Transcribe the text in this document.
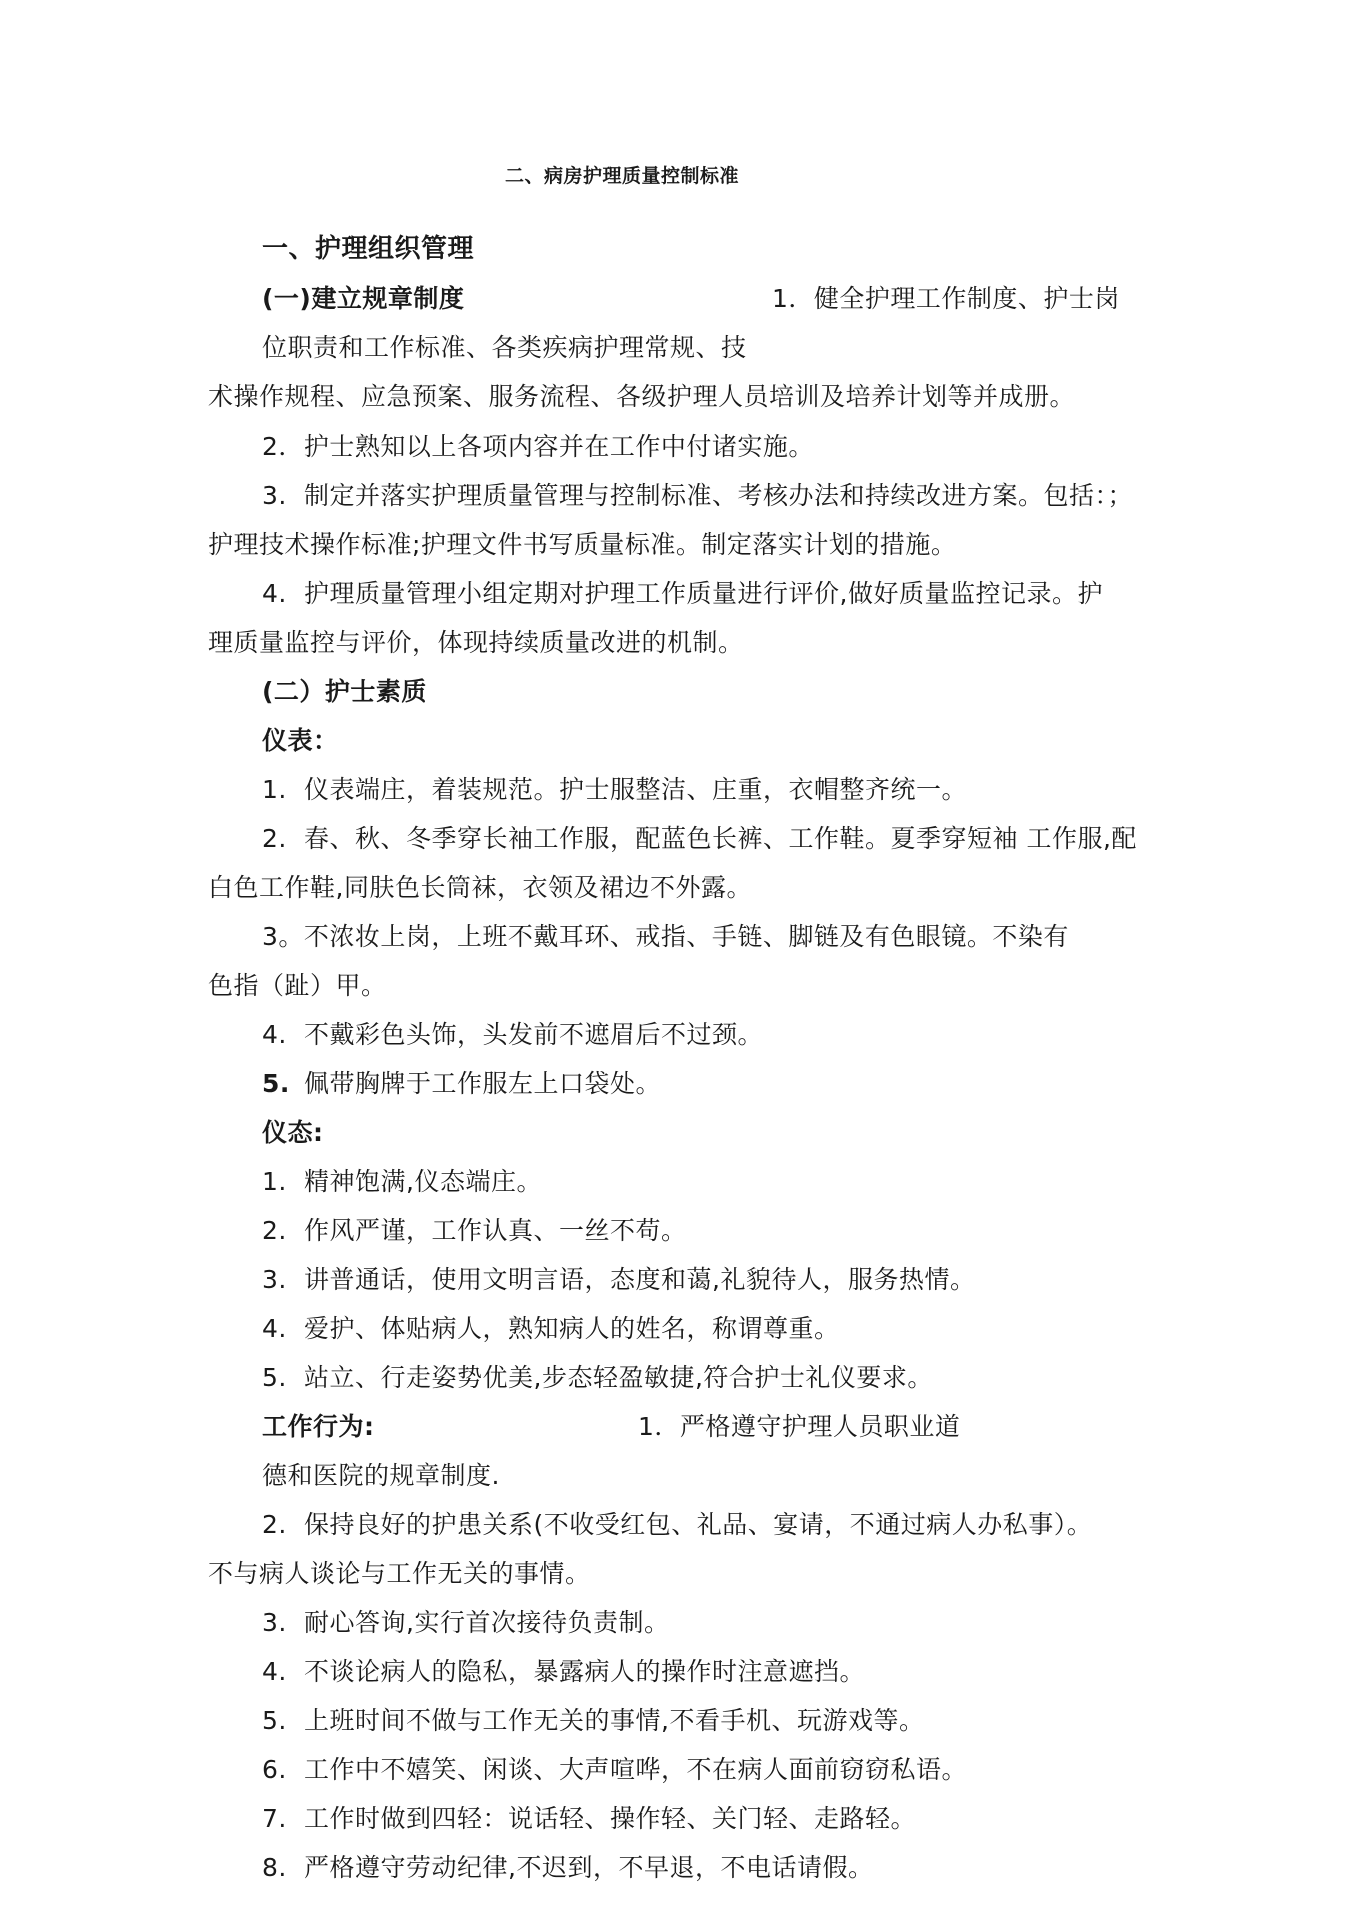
二、病房护理质量控制标准
一、护理组织管理
(一)建立规章制度	1．健全护理工作制度、护士岗
位职责和工作标准、各类疾病护理常规、技
术操作规程、应急预案、服务流程、各级护理人员培训及培养计划等并成册。
2．护士熟知以上各项内容并在工作中付诸实施。
3. 制定并落实护理质量管理与控制标准、考核办法和持续改进方案。包括：；
护理技术操作标准;护理文件书写质量标准。制定落实计划的措施。
4. 护理质量管理小组定期对护理工作质量进行评价,做好质量监控记录。护
理质量监控与评价，体现持续质量改进的机制。
(二）护士素质
仪表：
1. 仪表端庄，着装规范。护士服整洁、庄重，衣帽整齐统一。
2. 春、秋、冬季穿长袖工作服，配蓝色长裤、工作鞋。夏季穿短袖 工作服,配
白色工作鞋,同肤色长筒袜，衣领及裙边不外露。
3。不浓妆上岗，上班不戴耳环、戒指、手链、脚链及有色眼镜。不染有
色指（趾）甲。
4. 不戴彩色头饰，头发前不遮眉后不过颈。
5. 佩带胸牌于工作服左上口袋处。
仪态:
1. 精神饱满,仪态端庄。
2. 作风严谨，工作认真、一丝不苟。
3. 讲普通话，使用文明言语，态度和蔼,礼貌待人，服务热情。
4. 爱护、体贴病人，熟知病人的姓名，称谓尊重。
5. 站立、行走姿势优美,步态轻盈敏捷,符合护士礼仪要求。
工作行为:	1．严格遵守护理人员职业道
德和医院的规章制度.
2. 保持良好的护患关系(不收受红包、礼品、宴请，不通过病人办私事）。
不与病人谈论与工作无关的事情。
3. 耐心答询,实行首次接待负责制。
4. 不谈论病人的隐私，暴露病人的操作时注意遮挡。
5. 上班时间不做与工作无关的事情,不看手机、玩游戏等。
6. 工作中不嬉笑、闲谈、大声喧哗，不在病人面前窃窃私语。
7. 工作时做到四轻：说话轻、操作轻、关门轻、走路轻。
8. 严格遵守劳动纪律,不迟到，不早退，不电话请假。
